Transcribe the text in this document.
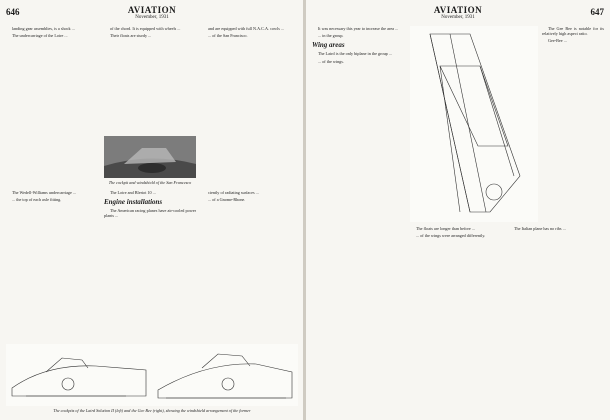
646	AVIATION
November, 1931

landing gear assemblies, is a shock ...

The undercarriage of the Loire ...

of the chord. It is equipped with wheels ...

Their floats are sturdy ...

and are equipped with full N.A.C.A. cowls ...

... of the San Francisco.

The cockpit and windshield of the San Francesco

The Wedell-Williams undercarriage ...

... the top of each axle fitting.

The Loire and Bleriot 10 ...

Engine installations

The American racing planes have air-cooled power plants ...

ciently of radiating surfaces ...

... of a Gnome-Rhone.

The cockpits of the Laird Solution II (left) and the Gee Bee (right), showing the windshield arrangement of the former
647
AVIATION
November, 1931

It was necessary this year to increase the area ...

... in the group.

Wing areas

The Laird is the only biplane in the group ...

... of the wings.

The Gee Bee is notable for its relatively high aspect ratio.

Gee-Bee ...

The floats are longer than before ...

... of the wings were arranged differently.

The Italian plane has no ribs ...
